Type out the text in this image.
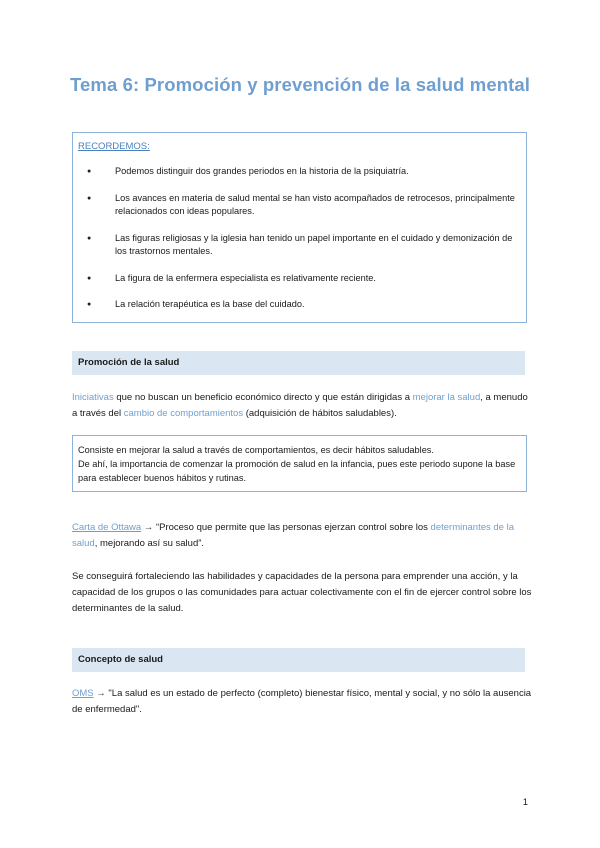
Tema 6: Promoción y prevención de la salud mental
RECORDEMOS:
● Podemos distinguir dos grandes periodos en la historia de la psiquiatría.
● Los avances en materia de salud mental se han visto acompañados de retrocesos, principalmente relacionados con ideas populares.
● Las figuras religiosas y la iglesia han tenido un papel importante en el cuidado y demonización de los trastornos mentales.
● La figura de la enfermera especialista es relativamente reciente.
● La relación terapéutica es la base del cuidado.
Promoción de la salud

Iniciativas que no buscan un beneficio económico directo y que están dirigidas a mejorar la salud, a menudo a través del cambio de comportamientos (adquisición de hábitos saludables).

Consiste en mejorar la salud a través de comportamientos, es decir hábitos saludables.
De ahí, la importancia de comenzar la promoción de salud en la infancia, pues este periodo supone la base para establecer buenos hábitos y rutinas.

Carta de Ottawa → “Proceso que permite que las personas ejerzan control sobre los determinantes de la salud, mejorando así su salud”.

Se conseguirá fortaleciendo las habilidades y capacidades de la persona para emprender una acción, y la capacidad de los grupos o las comunidades para actuar colectivamente con el fin de ejercer control sobre los determinantes de la salud.

Concepto de salud

OMS → "La salud es un estado de perfecto (completo) bienestar físico, mental y social, y no sólo la ausencia de enfermedad".

1
